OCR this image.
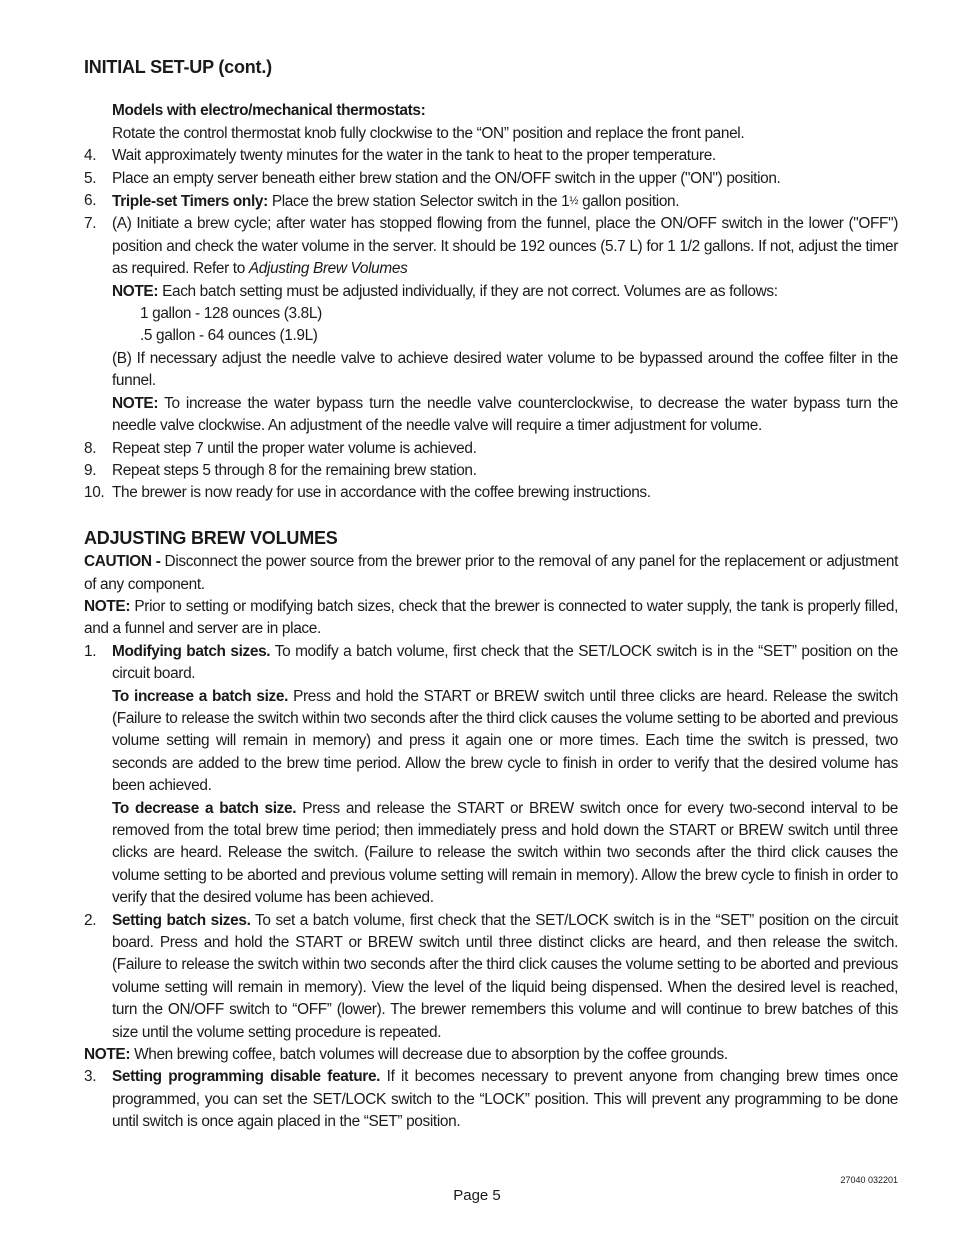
INITIAL SET-UP (cont.)

Models with electro/mechanical thermostats:

Rotate the control thermostat knob fully clockwise to the “ON” position and replace the front panel.

4.	Wait approximately twenty minutes for the water in the tank to heat to the proper temperature.

5.	Place an empty server beneath either brew station and the ON/OFF switch in the upper ("ON") position.

6.	Triple-set Timers only: Place the brew station Selector switch in the 1½ gallon position.

7.	(A) Initiate a brew cycle; after water has stopped flowing from the funnel, place the ON/OFF switch in the lower ("OFF") position and check the water volume in the server. It should be 192 ounces (5.7 L) for 1 1/2 gallons. If not, adjust the timer as required. Refer to Adjusting Brew Volumes

NOTE: Each batch setting must be adjusted individually, if they are not correct. Volumes are as follows:

1 gallon - 128 ounces (3.8L)

.5 gallon - 64 ounces (1.9L)

(B) If necessary adjust the needle valve to achieve desired water volume to be bypassed around the coffee filter in the funnel.

NOTE: To increase the water bypass turn the needle valve counterclockwise, to decrease the water bypass turn the needle valve clockwise. An adjustment of the needle valve will require a timer adjustment for volume.

8.	Repeat step 7 until the proper water volume is achieved.

9.	Repeat steps 5 through 8 for the remaining brew station.

10. The brewer is now ready for use in accordance with the coffee brewing instructions.

ADJUSTING BREW VOLUMES

CAUTION - Disconnect the power source from the brewer prior to the removal of any panel for the replacement or adjustment of any component.

NOTE: Prior to setting or modifying batch sizes, check that the brewer is connected to water supply, the tank is properly filled, and a funnel and server are in place.

1.	Modifying batch sizes. To modify a batch volume, first check that the SET/LOCK switch is in the “SET” position on the circuit board.

To increase a batch size. Press and hold the START or BREW switch until three clicks are heard. Release the switch (Failure to release the switch within two seconds after the third click causes the volume setting to be aborted and previous volume setting will remain in memory) and press it again one or more times. Each time the switch is pressed, two seconds are added to the brew time period. Allow the brew cycle to finish in order to verify that the desired volume has been achieved.

To decrease a batch size. Press and release the START or BREW switch once for every two-second interval to be removed from the total brew time period; then immediately press and hold down the START or BREW switch until three clicks are heard. Release the switch. (Failure to release the switch within two seconds after the third click causes the volume setting to be aborted and previous volume setting will remain in memory). Allow the brew cycle to finish in order to verify that the desired volume has been achieved.

2.	Setting batch sizes. To set a batch volume, first check that the SET/LOCK switch is in the “SET” position on the circuit board. Press and hold the START or BREW switch until three distinct clicks are heard, and then release the switch. (Failure to release the switch within two seconds after the third click causes the volume setting to be aborted and previous volume setting will remain in memory). View the level of the liquid being dispensed. When the desired level is reached, turn the ON/OFF switch to “OFF” (lower). The brewer remembers this volume and will continue to brew batches of this size until the volume setting procedure is repeated.

NOTE: When brewing coffee, batch volumes will decrease due to absorption by the coffee grounds.

3.	Setting programming disable feature. If it becomes necessary to prevent anyone from changing brew times once programmed, you can set the SET/LOCK switch to the “LOCK” position. This will prevent any programming to be done until switch is once again placed in the “SET” position.

27040 032201
Page 5
